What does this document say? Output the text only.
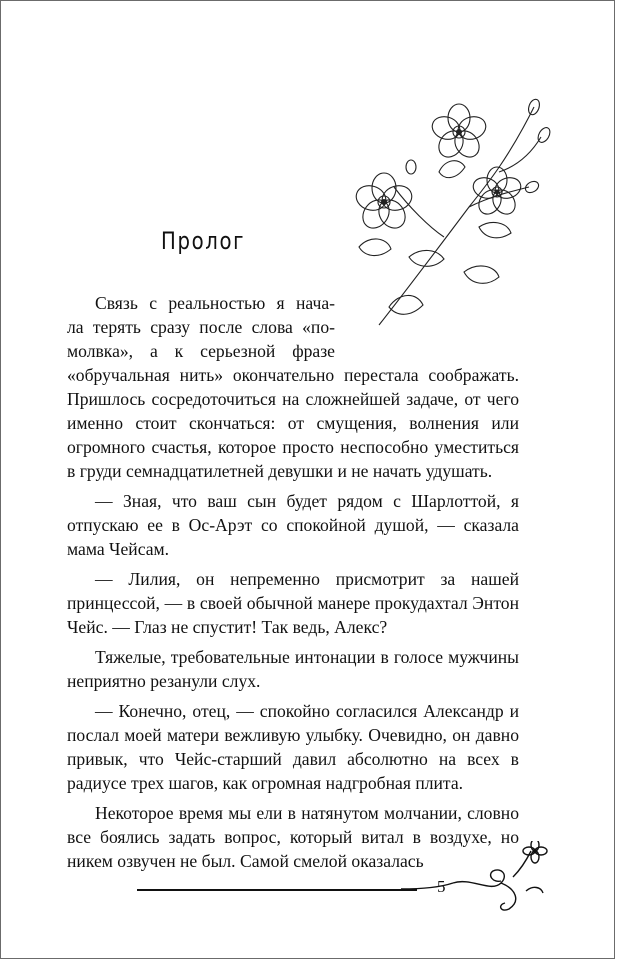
Пролог
Связь с реальностью я нача-
ла терять сразу после слова «по-
молвка», а к серьезной фразе
«обручальная нить» окончательно перестала соображать. Пришлось сосредоточиться на сложнейшей задаче, от чего именно стоит скончаться: от смущения, волнения или огромного счастья, которое просто неспособно уместиться в груди семнадцатилетней девушки и не начать удушать.

— Зная, что ваш сын будет рядом с Шарлоттой, я отпускаю ее в Ос-Арэт со спокойной душой, — сказала мама Чейсам.

— Лилия, он непременно присмотрит за нашей принцессой, — в своей обычной манере прокудахтал Энтон Чейс. — Глаз не спустит! Так ведь, Алекс?

Тяжелые, требовательные интонации в голосе мужчины неприятно резанули слух.

— Конечно, отец, — спокойно согласился Александр и послал моей матери вежливую улыбку. Очевидно, он давно привык, что Чейс-старший давил абсолютно на всех в радиусе трех шагов, как огромная надгробная плита.

Некоторое время мы ели в натянутом молчании, словно все боялись задать вопрос, который витал в воздухе, но никем озвучен не был. Самой смелой оказалась

5
